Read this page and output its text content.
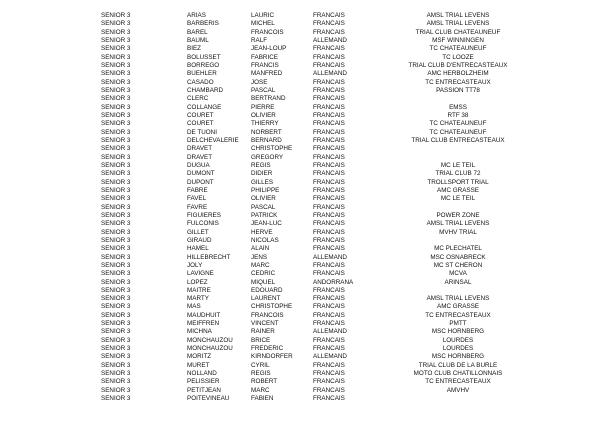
SENIOR 3	ARIAS	LAURIC	FRANCAIS	AMSL TRIAL LEVENS
SENIOR 3	BARBERIS	MICHEL	FRANCAIS	AMSL TRIAL LEVENS
SENIOR 3	BAREL	FRANCOIS	FRANCAIS	TRIAL CLUB CHATEAUNEUF
SENIOR 3	BAUML	RALF	ALLEMAND	MSF WINNINGEN
SENIOR 3	BIEZ	JEAN-LOUP	FRANCAIS	TC CHATEAUNEUF
SENIOR 3	BOLUSSET	FABRICE	FRANCAIS	TC LOOZE
SENIOR 3	BORREGO	FRANCIS	FRANCAIS	TRIAL CLUB D'ENTRECASTEAUX
SENIOR 3	BUEHLER	MANFRED	ALLEMAND	AMC HERBOLZHEIM
SENIOR 3	CASADO	JOSE	FRANCAIS	TC ENTRECASTEAUX
SENIOR 3	CHAMBARD	PASCAL	FRANCAIS	PASSION TT78
SENIOR 3	CLERC	BERTRAND	FRANCAIS
SENIOR 3	COLLANGE	PIERRE	FRANCAIS	EMSS
SENIOR 3	COURET	OLIVIER	FRANCAIS	RTF 38
SENIOR 3	COURET	THIERRY	FRANCAIS	TC CHATEAUNEUF
SENIOR 3	DE TUONI	NORBERT	FRANCAIS	TC CHATEAUNEUF
SENIOR 3	DELCHEVALERIE BERNARD	FRANCAIS	TRIAL CLUB ENTRECASTEAUX
SENIOR 3	DRAVET	CHRISTOPHE	FRANCAIS
SENIOR 3	DRAVET	GREGORY	FRANCAIS
SENIOR 3	DUGUA	REGIS	FRANCAIS	MC LE TEIL
SENIOR 3	DUMONT	DIDIER	FRANCAIS	TRIAL CLUB 72
SENIOR 3	DUPONT	GILLES	FRANCAIS	TROLLSPORT TRIAL
SENIOR 3	FABRE	PHILIPPE	FRANCAIS	AMC GRASSE
SENIOR 3	FAVEL	OLIVIER	FRANCAIS	MC LE TEIL
SENIOR 3	FAVRE	PASCAL	FRANCAIS
SENIOR 3	FIGUIERES	PATRICK	FRANCAIS	POWER ZONE
SENIOR 3	FULCONIS	JEAN-LUC	FRANCAIS	AMSL TRIAL LEVENS
SENIOR 3	GILLET	HERVE	FRANCAIS	MVHV TRIAL
SENIOR 3	GIRAUD	NICOLAS	FRANCAIS
SENIOR 3	HAMEL	ALAIN	FRANCAIS	MC PLECHATEL
SENIOR 3	HILLEBRECHT	JENS	ALLEMAND	MSC OSNABRECK
SENIOR 3	JOLY	MARC	FRANCAIS	MC ST CHERON
SENIOR 3	LAVIGNE	CEDRIC	FRANCAIS	MCVA
SENIOR 3	LOPEZ	MIQUEL	ANDORRANA	ARINSAL
SENIOR 3	MAITRE	EDOUARD	FRANCAIS
SENIOR 3	MARTY	LAURENT	FRANCAIS	AMSL TRIAL LEVENS
SENIOR 3	MAS	CHRISTOPHE	FRANCAIS	AMC GRASSE
SENIOR 3	MAUDHUIT	FRANCOIS	FRANCAIS	TC ENTRECASTEAUX
SENIOR 3	MEIFFREN	VINCENT	FRANCAIS	PMTT
SENIOR 3	MICHNA	RAINER	ALLEMAND	MSC HORNBERG
SENIOR 3	MONCHAUZOU	BRICE	FRANCAIS	LOURDES
SENIOR 3	MONCHAUZOU	FREDERIC	FRANCAIS	LOURDES
SENIOR 3	MORITZ	KIRNDORFER	ALLEMAND	MSC HORNBERG
SENIOR 3	MURET	CYRIL	FRANCAIS	TRIAL CLUB DE LA BURLE
SENIOR 3	NOLLAND	REGIS	FRANCAIS	MOTO CLUB CHATILLONNAIS
SENIOR 3	PELISSIER	ROBERT	FRANCAIS	TC ENTRECASTEAUX
SENIOR 3	PETITJEAN	MARC	FRANCAIS	AMVHV
SENIOR 3	POITEVINEAU	FABIEN	FRANCAIS
